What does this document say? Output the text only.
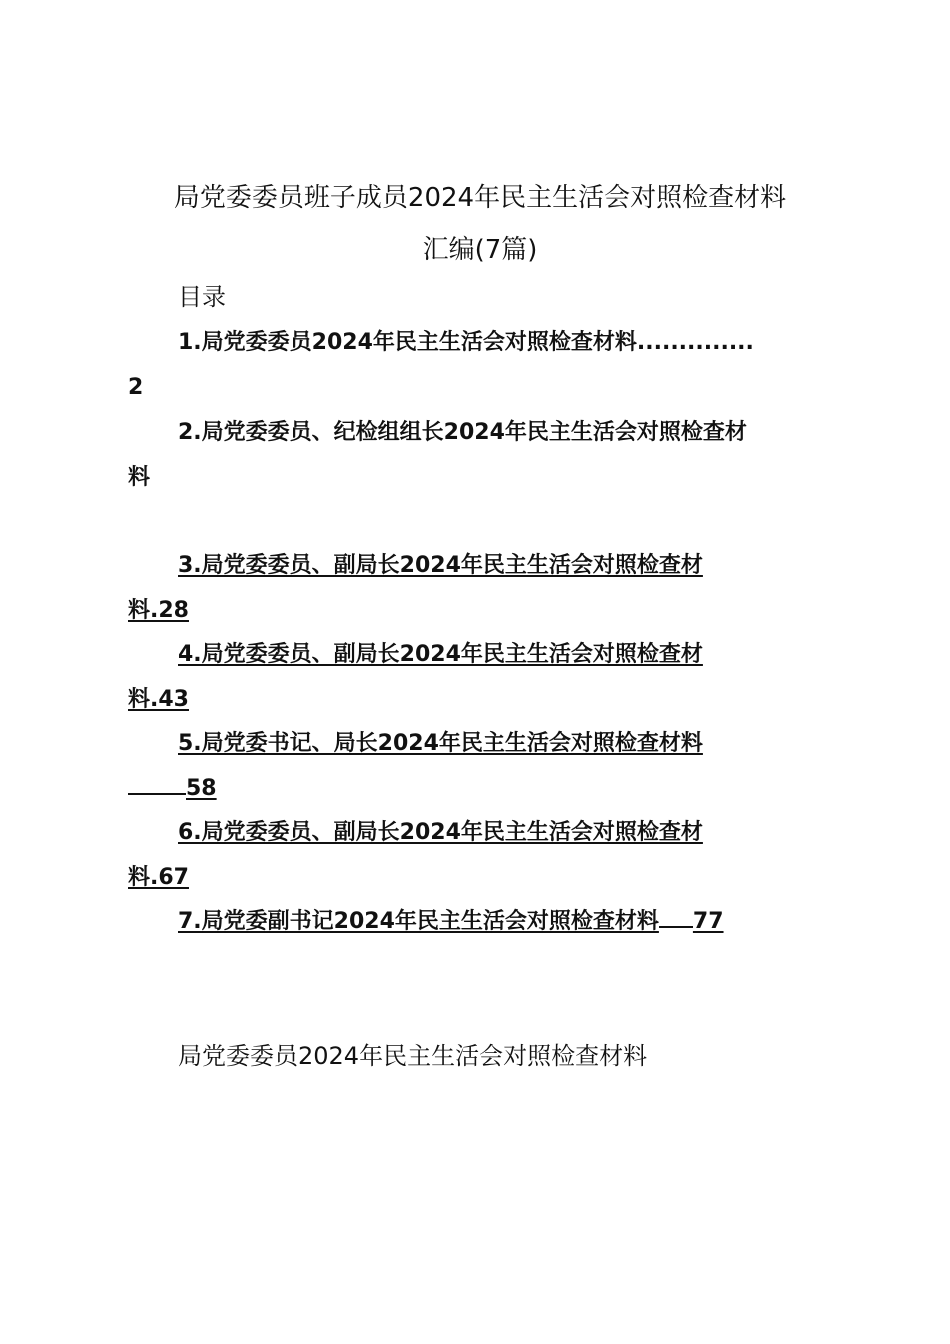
局党委委员班子成员2024年民主生活会对照检查材料
汇编(7篇)
目录
1.局党委委员2024年民主生活会对照检查材料..............
2
2.局党委委员、纪检组组长2024年民主生活会对照检查材
料
3.局党委委员、副局长2024年民主生活会对照检查材
料.28
4.局党委委员、副局长2024年民主生活会对照检查材
料.43
5.局党委书记、局长2024年民主生活会对照检查材料
58
6.局党委委员、副局长2024年民主生活会对照检查材
料.67
7.局党委副书记2024年民主生活会对照检查材料 77
局党委委员2024年民主生活会对照检查材料
